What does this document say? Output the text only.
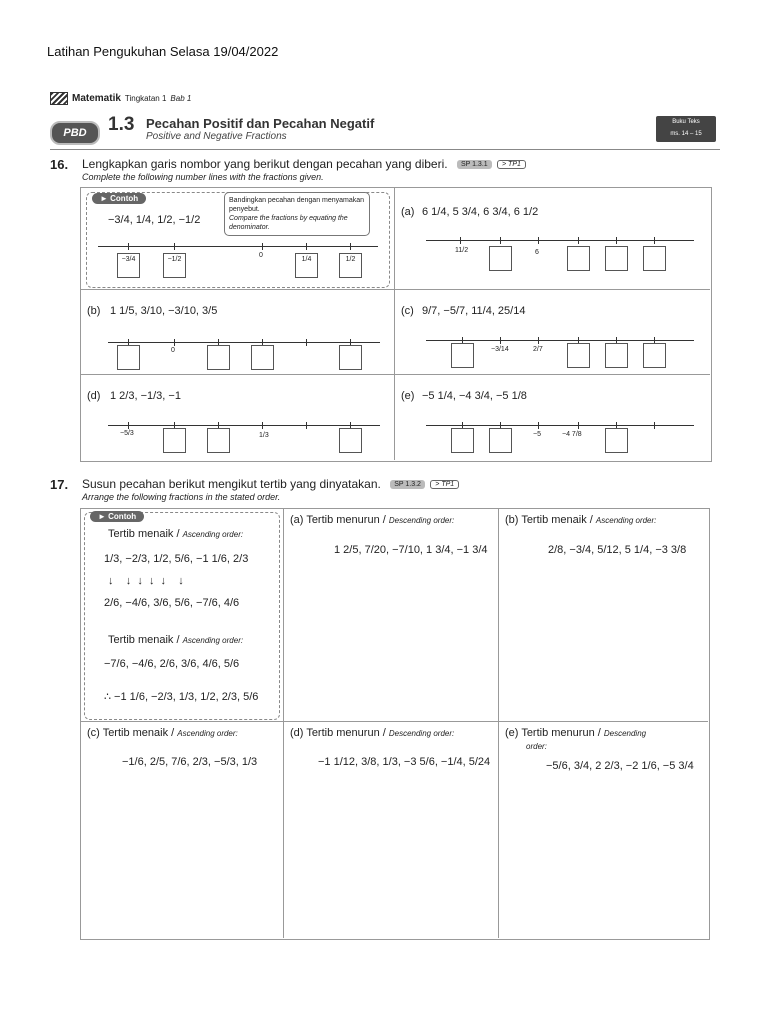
Latihan Pengukuhan Selasa 19/04/2022
Matematik Tingkatan 1 Bab 1
PBD	1.3 Pecahan Positif dan Pecahan Negatif
Positive and Negative Fractions
Buku Teks
ms. 14 – 15
16. Lengkapkan garis nombor yang berikut dengan pecahan yang diberi. SP 1.3.1 > TP1
Complete the following number lines with the fractions given.
► Contoh
−3/4, 1/4, 1/2, −1/2
Bandingkan pecahan dengan menyamakan penyebut.
Compare the fractions by equating the denominator.
−3/4	−1/2
0
1/4	1/2
(a) 6 1/4, 5 3/4, 6 3/4, 6 1/2
11/2	6
(b) 1 1/5, 3/10, −3/10, 3/5
0
(c) 9/7, −5/7, 11/4, 25/14
−3/14	2/7
(d) 1 2/3, −1/3, −1
−5/3	1/3
(e) −5 1/4, −4 3/4, −5 1/8
−5	−4 7/8
17. Susun pecahan berikut mengikut tertib yang dinyatakan. SP 1.3.2 > TP1
Arrange the following fractions in the stated order.
► Contoh
Tertib menaik / Ascending order:
1/3, −2/3, 1/2, 5/6, −1 1/6, 2/3
↓    ↓  ↓  ↓  ↓    ↓
2/6, −4/6, 3/6, 5/6, −7/6, 4/6
Tertib menaik / Ascending order:
−7/6, −4/6, 2/6, 3/6, 4/6, 5/6
∴ −1 1/6, −2/3, 1/3, 1/2, 2/3, 5/6
(a) Tertib menurun / Descending order:
1 2/5, 7/20, −7/10, 1 3/4, −1 3/4
(b) Tertib menaik / Ascending order:
2/8, −3/4, 5/12, 5 1/4, −3 3/8
(c) Tertib menaik / Ascending order:
−1/6, 2/5, 7/6, 2/3, −5/3, 1/3
(d) Tertib menurun / Descending order:
−1 1/12, 3/8, 1/3, −3 5/6, −1/4, 5/24
(e) Tertib menurun / Descending
order:
−5/6, 3/4, 2 2/3, −2 1/6, −5 3/4
